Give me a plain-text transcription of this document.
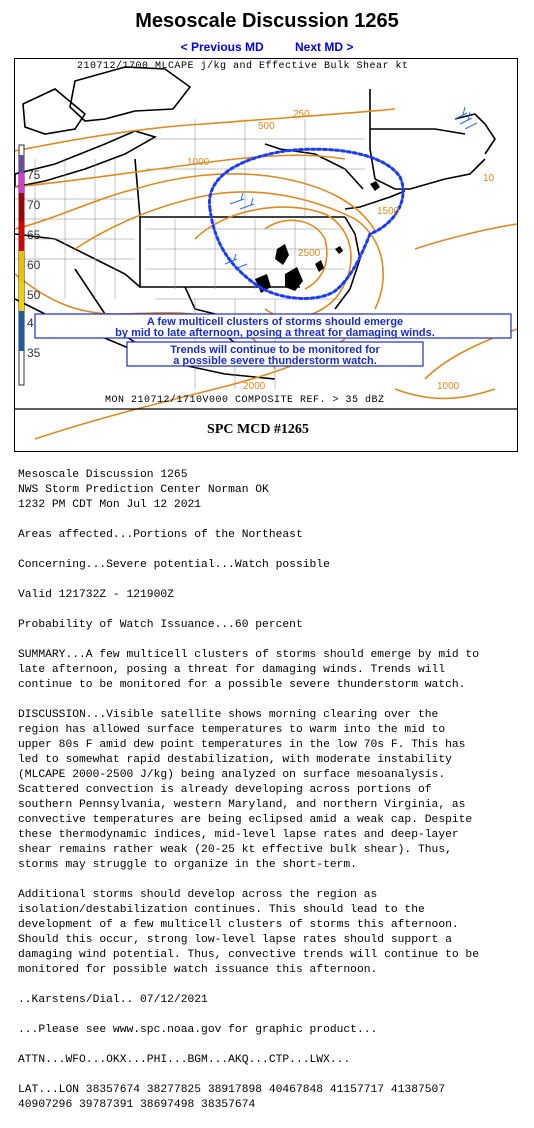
Mesoscale Discussion 1265
< Previous MD	Next MD >
210712/1700 MLCAPE j/kg and Effective Bulk Shear kt
250
500
1000
1500
2000
2500
1000
10
75
70
65
60
50
4
35
A few multicell clusters of storms should emerge
by mid to late afternoon, posing a threat for damaging winds.
Trends will continue to be monitored for
a possible severe thunderstorm watch.
MON 210712/1710V000 COMPOSITE REF. > 35 dBZ
SPC MCD #1265

Mesoscale Discussion 1265
NWS Storm Prediction Center Norman OK
1232 PM CDT Mon Jul 12 2021

Areas affected...Portions of the Northeast

Concerning...Severe potential...Watch possible

Valid 121732Z - 121900Z

Probability of Watch Issuance...60 percent

SUMMARY...A few multicell clusters of storms should emerge by mid to
late afternoon, posing a threat for damaging winds. Trends will
continue to be monitored for a possible severe thunderstorm watch.

DISCUSSION...Visible satellite shows morning clearing over the
region has allowed surface temperatures to warm into the mid to
upper 80s F amid dew point temperatures in the low 70s F. This has
led to somewhat rapid destabilization, with moderate instability
(MLCAPE 2000-2500 J/kg) being analyzed on surface mesoanalysis.
Scattered convection is already developing across portions of
southern Pennsylvania, western Maryland, and northern Virginia, as
convective temperatures are being eclipsed amid a weak cap. Despite
these thermodynamic indices, mid-level lapse rates and deep-layer
shear remains rather weak (20-25 kt effective bulk shear). Thus,
storms may struggle to organize in the short-term.

Additional storms should develop across the region as
isolation/destabilization continues. This should lead to the
development of a few multicell clusters of storms this afternoon.
Should this occur, strong low-level lapse rates should support a
damaging wind potential. Thus, convective trends will continue to be
monitored for possible watch issuance this afternoon.

..Karstens/Dial.. 07/12/2021

...Please see www.spc.noaa.gov for graphic product...

ATTN...WFO...OKX...PHI...BGM...AKQ...CTP...LWX...

LAT...LON 38357674 38277825 38917898 40467848 41157717 41387507
40907296 39787391 38697498 38357674
